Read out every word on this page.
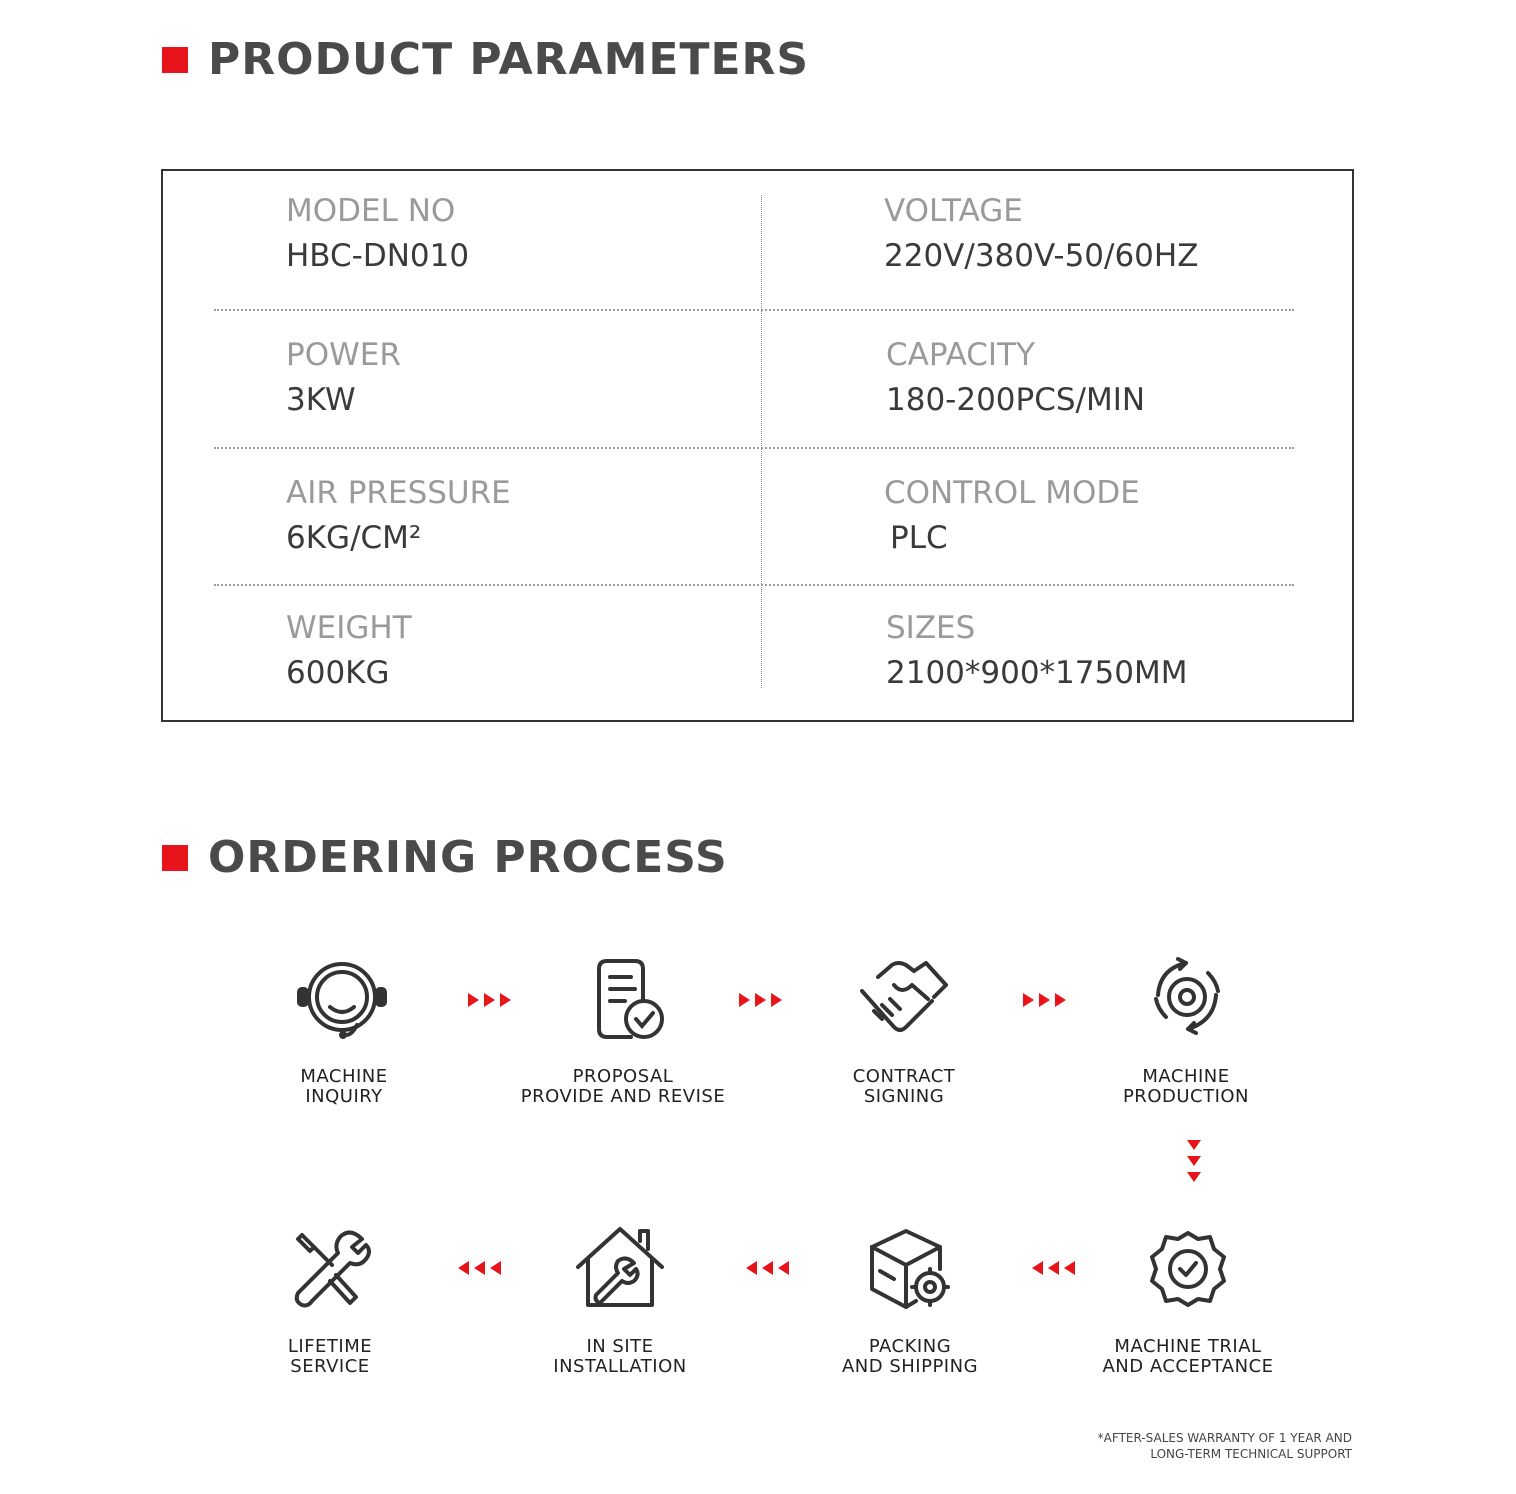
PRODUCT PARAMETERS
MODEL NO
HBC-DN010
VOLTAGE
220V/380V-50/60HZ
POWER
3KW
CAPACITY
180-200PCS/MIN
AIR PRESSURE
6KG/CM²
CONTROL MODE
PLC
WEIGHT
600KG
SIZES
2100*900*1750MM
ORDERING PROCESS
MACHINE
INQUIRY
PROPOSAL
PROVIDE AND REVISE
CONTRACT
SIGNING
MACHINE
PRODUCTION
LIFETIME
SERVICE
IN SITE
INSTALLATION
PACKING
AND SHIPPING
MACHINE TRIAL
AND ACCEPTANCE
*AFTER-SALES WARRANTY OF 1 YEAR AND
LONG-TERM TECHNICAL SUPPORT
